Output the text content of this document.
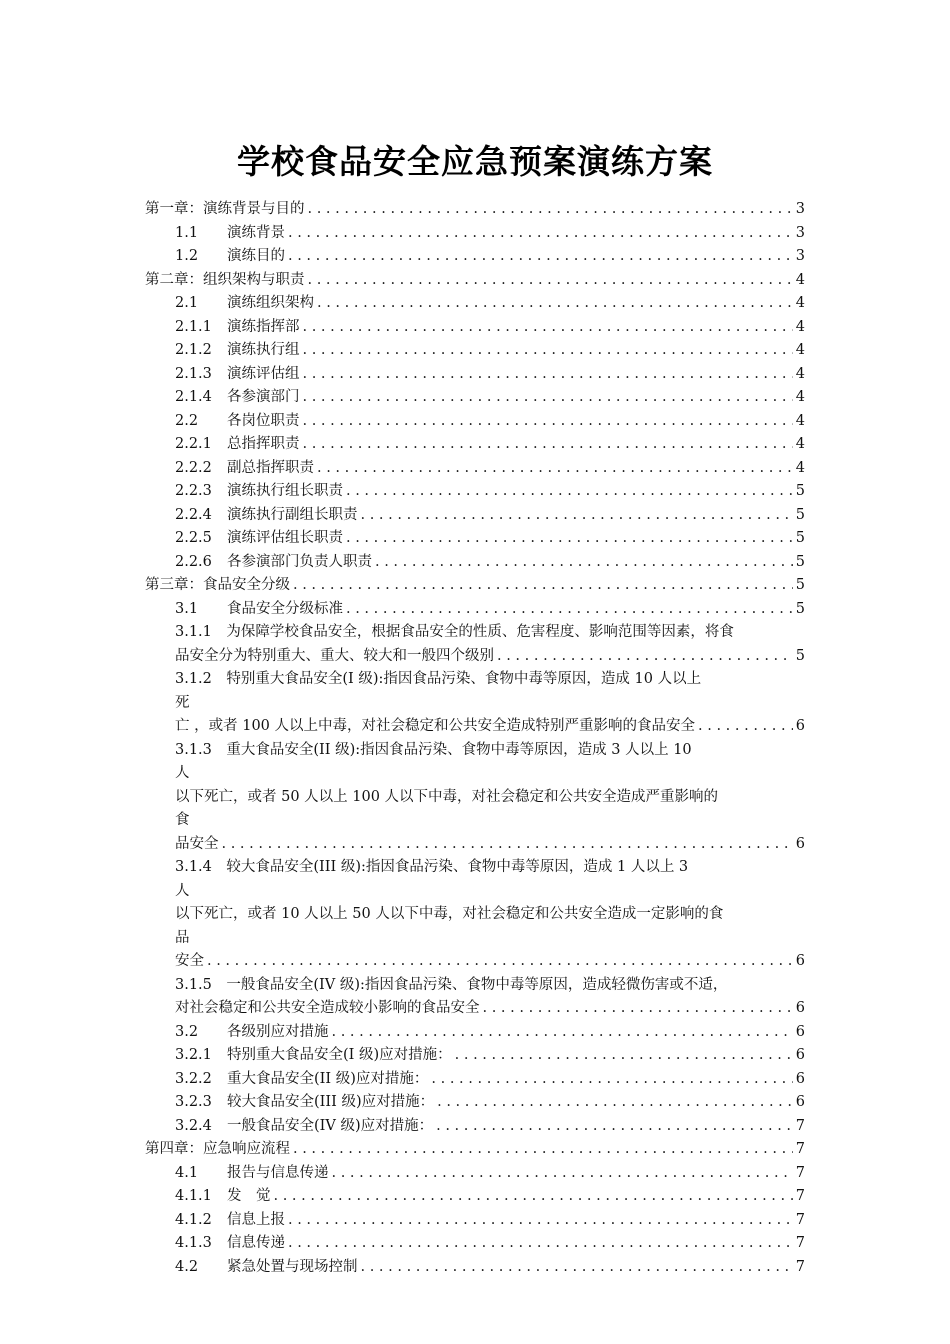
学校食品安全应急预案演练方案
第一章： 演练背景与目的 . . .	3
1.1	演练背景 . . .	3
1.2	演练目的 . . .	3
第二章： 组织架构与职责 . . .	4
2.1	演练组织架构 . . .	4
2.1.1	演练指挥部 . . .	4
2.1.2	演练执行组 . . .	4
2.1.3	演练评估组 . . .	4
2.1.4	各参演部门 . . .	4
2.2	各岗位职责 . . .	4
2.2.1	总指挥职责 . . .	4
2.2.2	副总指挥职责 . . .	4
2.2.3	演练执行组长职责 . . .	5
2.2.4	演练执行副组长职责 . . .	5
2.2.5	演练评估组长职责 . . .	5
2.2.6	各参演部门负责人职责 . . .	5
第三章： 食品安全分级 . . .	5
3.1	食品安全分级标准 . . .	5
3.1.1　为保障学校食品安全，根据食品安全的性质、危害程度、影响范围等因素，将食
品安全分为特别重大、重大、较大和一般四个级别 . . .	5
3.1.2　特别重大食品安全(I 级):指因食品污染、食物中毒等原因，造成 10 人以上
死
亡 ，或者 100 人以上中毒，对社会稳定和公共安全造成特别严重影响的食品安全 . . .	6
3.1.3　重大食品安全(II 级):指因食品污染、食物中毒等原因，造成 3 人以上 10
人
以下死亡，或者 50 人以上 100 人以下中毒，对社会稳定和公共安全造成严重影响的
食
品安全 . . .	6
3.1.4　较大食品安全(III 级):指因食品污染、食物中毒等原因，造成 1 人以上 3
人
以下死亡，或者 10 人以上 50 人以下中毒，对社会稳定和公共安全造成一定影响的食
品
安全 . . .	6
3.1.5　一般食品安全(IV 级):指因食品污染、食物中毒等原因，造成轻微伤害或不适，
对社会稳定和公共安全造成较小影响的食品安全 . . .	6
3.2	各级别应对措施 . . .	6
3.2.1	特别重大食品安全(I 级)应对措施： . . .	6
3.2.2	重大食品安全(II 级)应对措施： . . .	6
3.2.3	较大食品安全(III 级)应对措施： . . .	6
3.2.4	一般食品安全(IV 级)应对措施： . . .	7
第四章： 应急响应流程 . . .	7
4.1	报告与信息传递 . . .	7
4.1.1	发　觉 . . .	7
4.1.2	信息上报 . . .	7
4.1.3	信息传递 . . .	7
4.2	紧急处置与现场控制 . . .	7
